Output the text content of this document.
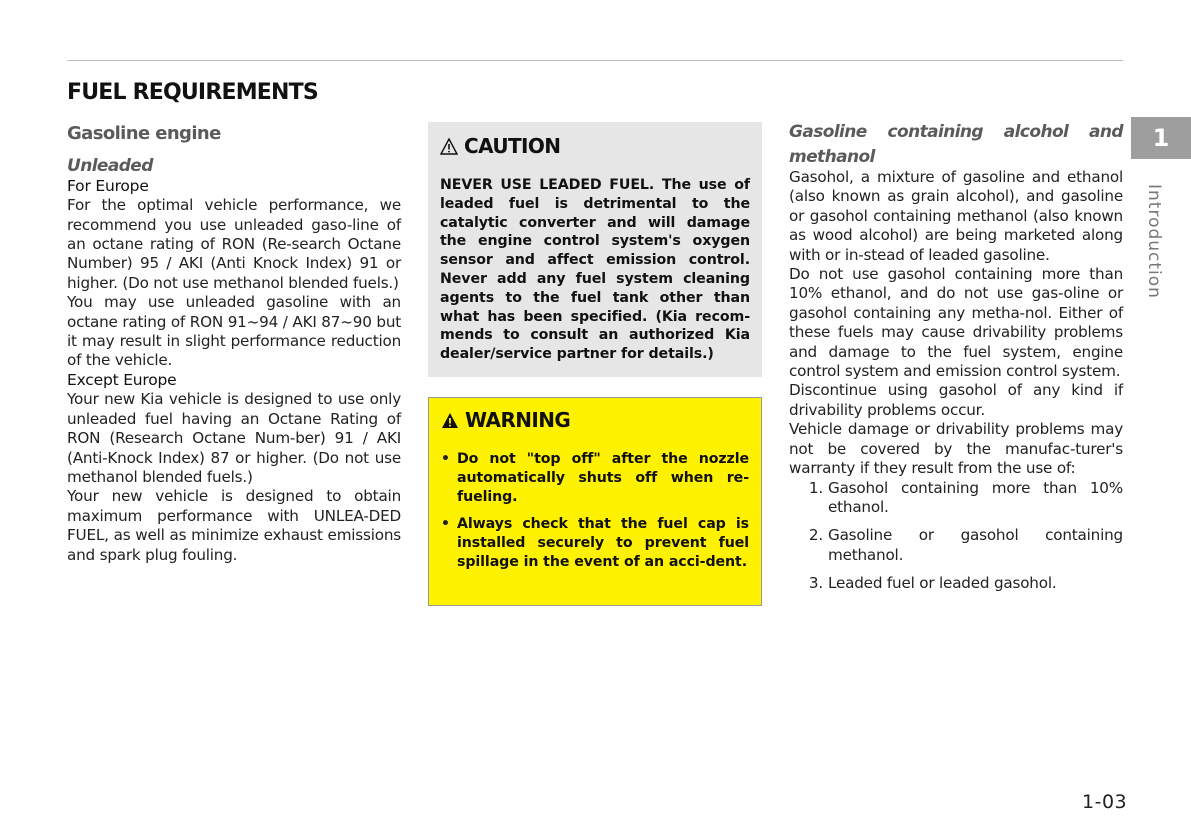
FUEL REQUIREMENTS
Gasoline engine
Unleaded
For Europe

For the optimal vehicle performance, we recommend you use unleaded gaso-line of an octane rating of RON (Re-search Octane Number) 95 / AKI (Anti Knock Index) 91 or higher. (Do not use methanol blended fuels.)

You may use unleaded gasoline with an octane rating of RON 91~94 / AKI 87~90 but it may result in slight performance reduction of the vehicle.

Except Europe

Your new Kia vehicle is designed to use only unleaded fuel having an Octane Rating of RON (Research Octane Num-ber) 91 / AKI (Anti-Knock Index) 87 or higher. (Do not use methanol blended fuels.)

Your new vehicle is designed to obtain maximum performance with UNLEA-DED FUEL, as well as minimize exhaust emissions and spark plug fouling.

CAUTION

NEVER USE LEADED FUEL. The use of leaded fuel is detrimental to the catalytic converter and will damage the engine control system's oxygen sensor and affect emission control. Never add any fuel system cleaning agents to the fuel tank other than what has been specified. (Kia recom-mends to consult an authorized Kia dealer/service partner for details.)

WARNING
• Do not "top off" after the nozzle automatically shuts off when re-fueling.

• Always check that the fuel cap is installed securely to prevent fuel spillage in the event of an acci-dent.

Gasoline containing alcohol and
methanol

Gasohol, a mixture of gasoline and ethanol (also known as grain alcohol), and gasoline or gasohol containing methanol (also known as wood alcohol) are being marketed along with or in-stead of leaded gasoline.

Do not use gasohol containing more than 10% ethanol, and do not use gas-oline or gasohol containing any metha-nol. Either of these fuels may cause drivability problems and damage to the fuel system, engine control system and emission control system.

Discontinue using gasohol of any kind if drivability problems occur.

Vehicle damage or drivability problems may not be covered by the manufac-turer's warranty if they result from the use of:

1. Gasohol containing more than 10% ethanol.
2. Gasoline or gasohol containing methanol.
3. Leaded fuel or leaded gasohol.
1
Introduction
1-03
